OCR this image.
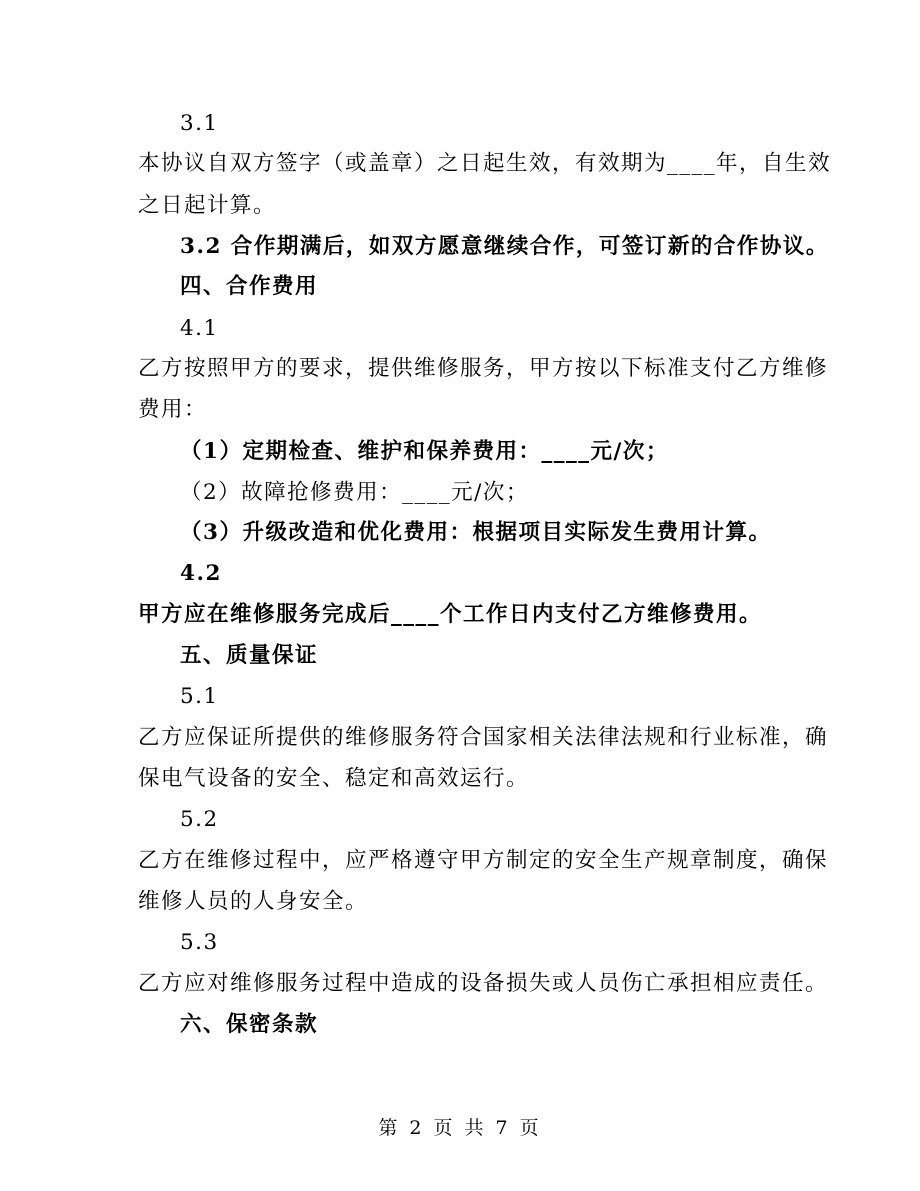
3.1
本协议自双方签字（或盖章）之日起生效，有效期为____年，自生效
之日起计算。
3.2 合作期满后，如双方愿意继续合作，可签订新的合作协议。
四、合作费用
4.1
乙方按照甲方的要求，提供维修服务，甲方按以下标准支付乙方维修
费用：
（1）定期检查、维护和保养费用：____元/次；
（2）故障抢修费用：____元/次；
（3）升级改造和优化费用：根据项目实际发生费用计算。
4.2
甲方应在维修服务完成后____个工作日内支付乙方维修费用。
五、质量保证
5.1
乙方应保证所提供的维修服务符合国家相关法律法规和行业标准，确
保电气设备的安全、稳定和高效运行。
5.2
乙方在维修过程中，应严格遵守甲方制定的安全生产规章制度，确保
维修人员的人身安全。
5.3
乙方应对维修服务过程中造成的设备损失或人员伤亡承担相应责任。
六、保密条款
第 2 页 共 7 页
